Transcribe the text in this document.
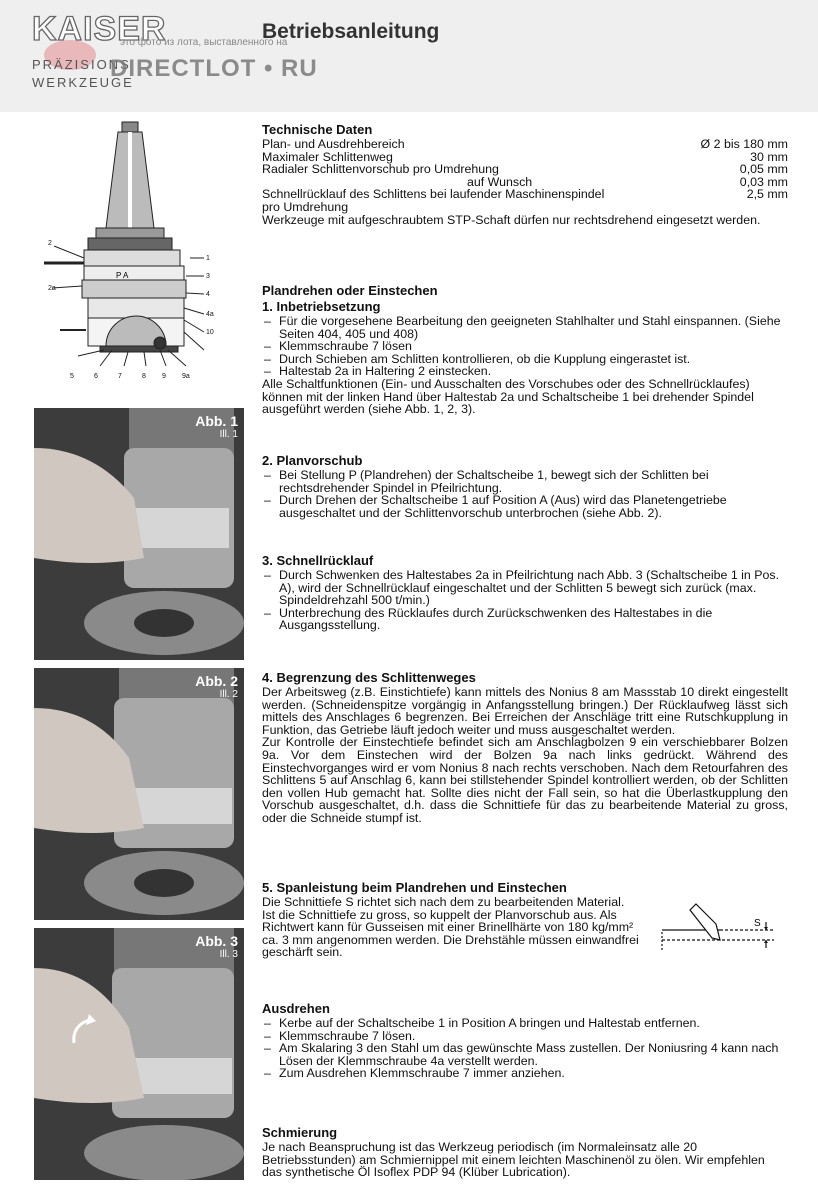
KAISER
PRÄZISIONS
WERKZEUGE
Betriebsanleitung
это фото из лота, выставленного на
DIRECTLOT • RU
2
2a
1
3
4
4a
10
5	6	7	8 9 9a
P A
Abb. 1
Ill. 1
Abb. 2
Ill. 2
Abb. 3
Ill. 3
Technische Daten
Plan- und Ausdrehbereich	Ø 2 bis 180 mm
Maximaler Schlittenweg	30 mm
Radialer Schlittenvorschub pro Umdrehung	0,05 mm
auf Wunsch	0,03 mm
Schnellrücklauf des Schlittens bei laufender Maschinenspindel	2,5 mm
pro Umdrehung

Werkzeuge mit aufgeschraubtem STP-Schaft dürfen nur rechtsdrehend eingesetzt werden.

Plandrehen oder Einstechen
1. Inbetriebsetzung
– Für die vorgesehene Bearbeitung den geeigneten Stahlhalter und Stahl einspannen. (Siehe Seiten 404, 405 und 408)
– Klemmschraube 7 lösen
– Durch Schieben am Schlitten kontrollieren, ob die Kupplung eingerastet ist.
– Haltestab 2a in Haltering 2 einstecken.

Alle Schaltfunktionen (Ein- und Ausschalten des Vorschubes oder des Schnellrücklaufes) können mit der linken Hand über Haltestab 2a und Schaltscheibe 1 bei drehender Spindel ausgeführt werden (siehe Abb. 1, 2, 3).

2. Planvorschub
– Bei Stellung P (Plandrehen) der Schaltscheibe 1, bewegt sich der Schlitten bei rechtsdrehender Spindel in Pfeilrichtung.
– Durch Drehen der Schaltscheibe 1 auf Position A (Aus) wird das Planetengetriebe ausgeschaltet und der Schlittenvorschub unterbrochen (siehe Abb. 2).
3. Schnellrücklauf
– Durch Schwenken des Haltestabes 2a in Pfeilrichtung nach Abb. 3 (Schaltscheibe 1 in Pos. A), wird der Schnellrücklauf eingeschaltet und der Schlitten 5 bewegt sich zurück (max. Spindeldrehzahl 500 t/min.)
– Unterbrechung des Rücklaufes durch Zurückschwenken des Haltestabes in die Ausgangsstellung.
4. Begrenzung des Schlittenweges

Der Arbeitsweg (z.B. Einstichtiefe) kann mittels des Nonius 8 am Massstab 10 direkt eingestellt werden. (Schneidenspitze vorgängig in Anfangsstellung bringen.) Der Rücklaufweg lässt sich mittels des Anschlages 6 begrenzen. Bei Erreichen der Anschläge tritt eine Rutschkupplung in Funktion, das Getriebe läuft jedoch weiter und muss ausgeschaltet werden.

Zur Kontrolle der Einstechtiefe befindet sich am Anschlagbolzen 9 ein verschiebbarer Bolzen 9a. Vor dem Einstechen wird der Bolzen 9a nach links gedrückt. Während des Einstechvorganges wird er vom Nonius 8 nach rechts verschoben. Nach dem Retourfahren des Schlittens 5 auf Anschlag 6, kann bei stillstehender Spindel kontrolliert werden, ob der Schlitten den vollen Hub gemacht hat. Sollte dies nicht der Fall sein, so hat die Überlastkupplung den Vorschub ausgeschaltet, d.h. dass die Schnittiefe für das zu bearbeitende Material zu gross, oder die Schneide stumpf ist.

5. Spanleistung beim Plandrehen und Einstechen

Die Schnittiefe S richtet sich nach dem zu bearbeitenden Material. Ist die Schnittiefe zu gross, so kuppelt der Planvorschub aus. Als Richtwert kann für Gusseisen mit einer Brinellhärte von 180 kg/mm² ca. 3 mm angenommen werden. Die Drehstähle müssen einwandfrei geschärft sein.

S
Ausdrehen
– Kerbe auf der Schaltscheibe 1 in Position A bringen und Haltestab entfernen.
– Klemmschraube 7 lösen.
– Am Skalaring 3 den Stahl um das gewünschte Mass zustellen. Der Noniusring 4 kann nach Lösen der Klemmschraube 4a verstellt werden.
– Zum Ausdrehen Klemmschraube 7 immer anziehen.
Schmierung

Je nach Beanspruchung ist das Werkzeug periodisch (im Normaleinsatz alle 20 Betriebsstunden) am Schmiernippel mit einem leichten Maschinenöl zu ölen. Wir empfehlen das synthetische Öl Isoflex PDP 94 (Klüber Lubrication).
